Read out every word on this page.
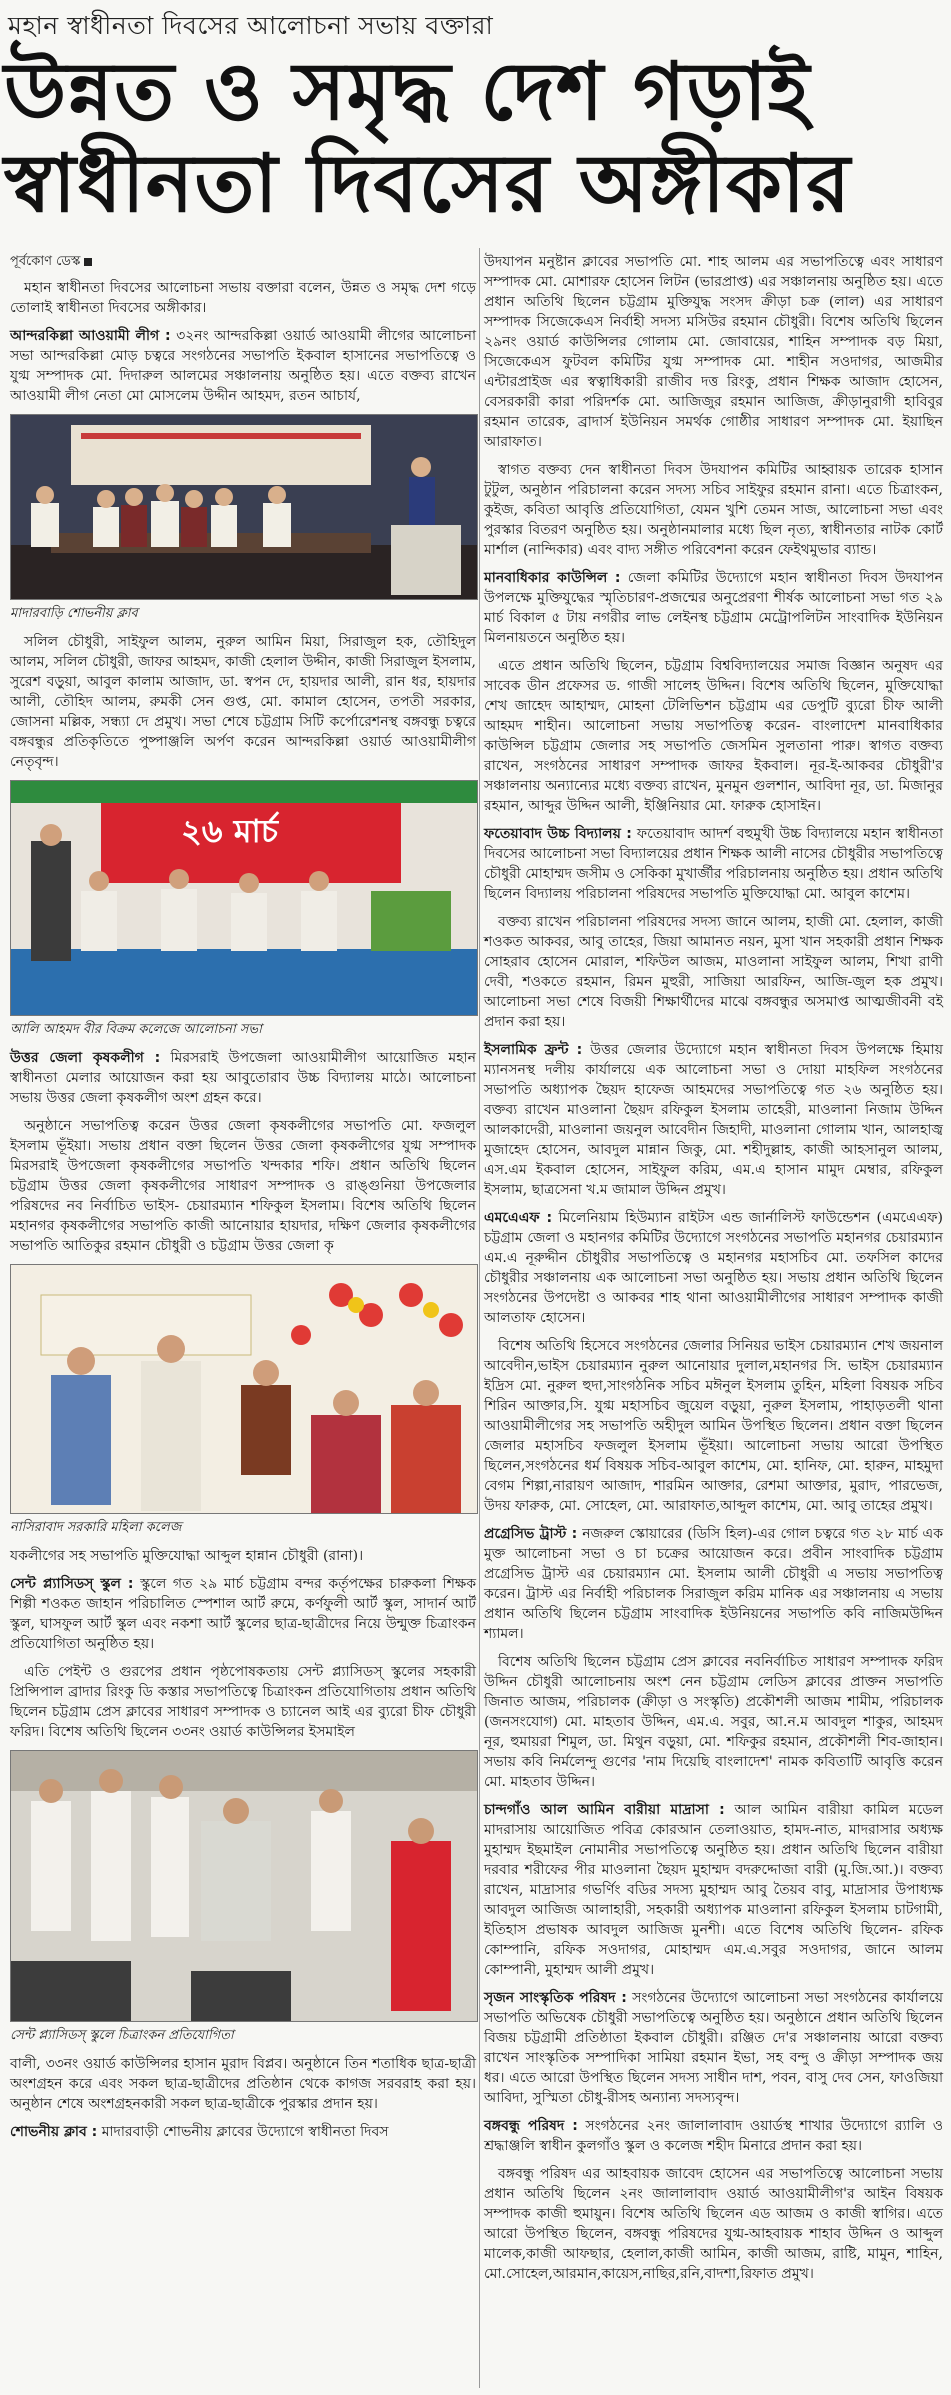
মহান স্বাধীনতা দিবসের আলোচনা সভায় বক্তারা
উন্নত ও সমৃদ্ধ দেশ গড়াই
স্বাধীনতা দিবসের অঙ্গীকার
পূর্বকোণ ডেস্ক

মহান স্বাধীনতা দিবসের আলোচনা সভায় বক্তারা বলেন, উন্নত ও সমৃদ্ধ দেশ গড়ে তোলাই স্বাধীনতা দিবসের অঙ্গীকার।

আন্দরকিল্লা আওয়ামী লীগ : ৩২নং আন্দরকিল্লা ওয়ার্ড আওয়ামী লীগের আলোচনা সভা আন্দরকিল্লা মোড় চত্বরে সংগঠনের সভাপতি ইকবাল হাসানের সভাপতিত্বে ও যুগ্ম সম্পাদক মো. দিদারুল আলমের সঞ্চালনায় অনুষ্ঠিত হয়। এতে বক্তব্য রাখেন আওয়ামী লীগ নেতা মো মোসলেম উদ্দীন আহমদ, রতন আচার্য,

মাদারবাড়ি শোভনীয় ক্লাব

সলিল চৌধুরী, সাইফুল আলম, নুরুল আমিন মিয়া, সিরাজুল হক, তৌহিদুল আলম, সলিল চৌধুরী, জাফর আহমদ, কাজী হেলাল উদ্দীন, কাজী সিরাজুল ইসলাম, সুরেশ বড়ুয়া, আবুল কালাম আজাদ, ডা. স্বপন দে, হায়দার আলী, রান ধর, হায়দার আলী, তৌহিদ আলম, রুমকী সেন গুপ্ত, মো. কামাল হোসেন, তপতী সরকার, জোসনা মল্লিক, সন্ধ্যা দে প্রমুখ। সভা শেষে চট্টগ্রাম সিটি কর্পোরেশনস্থ বঙ্গবন্ধু চত্বরে বঙ্গবন্ধুর প্রতিকৃতিতে পুষ্পাঞ্জলি অর্পণ করেন আন্দরকিল্লা ওয়ার্ড আওয়ামীলীগ নেতৃবৃন্দ।

২৬ মার্চ
আলি আহমদ বীর বিক্রম কলেজে আলোচনা সভা

উত্তর জেলা কৃষকলীগ : মিরসরাই উপজেলা আওয়ামীলীগ আয়োজিত মহান স্বাধীনতা মেলার আয়োজন করা হয় আবুতোরাব উচ্চ বিদ্যালয় মাঠে। আলোচনা সভায় উত্তর জেলা কৃষকলীগ অংশ গ্রহন করে।

অনুষ্ঠানে সভাপতিত্ব করেন উত্তর জেলা কৃষকলীগের সভাপতি মো. ফজলুল ইসলাম ভূঁইয়া। সভায় প্রধান বক্তা ছিলেন উত্তর জেলা কৃষকলীগের যুগ্ম সম্পাদক মিরসরাই উপজেলা কৃষকলীগের সভাপতি খন্দকার শফি। প্রধান অতিথি ছিলেন চট্টগ্রাম উত্তর জেলা কৃষকলীগের সাধারণ সম্পাদক ও রাঙ্গুনিয়া উপজেলার পরিষদের নব নির্বাচিত ভাইস- চেয়ারম্যান শফিকুল ইসলাম। বিশেষ অতিথি ছিলেন মহানগর কৃষকলীগের সভাপতি কাজী আনোয়ার হায়দার, দক্ষিণ জেলার কৃষকলীগের সভাপতি আতিকুর রহমান চৌধুরী ও চট্টগ্রাম উত্তর জেলা কৃ

নাসিরাবাদ সরকারি মহিলা কলেজ

যকলীগের সহ সভাপতি মুক্তিযোদ্ধা আব্দুল হান্নান চৌধুরী (রানা)।

সেন্ট প্ল্যাসিডস্ স্কুল : স্কুলে গত ২৯ মার্চ চট্টগ্রাম বন্দর কর্তৃপক্ষের চারুকলা শিক্ষক শিল্পী শওকত জাহান পরিচালিত স্পেশাল আর্ট রুমে, কর্ণফুলী আর্ট স্কুল, সাদার্ন আর্ট স্কুল, ঘাসফুল আর্ট স্কুল এবং নকশা আর্ট স্কুলের ছাত্র-ছাত্রীদের নিয়ে উন্মুক্ত চিত্রাংকন প্রতিযোগিতা অনুষ্ঠিত হয়।

এতি পেইন্ট ও গুরপের প্রধান পৃষ্ঠপোষকতায় সেন্ট প্ল্যাসিডস্ স্কুলের সহকারী প্রিন্সিপাল ব্রাদার রিংকু ডি কস্তার সভাপতিত্বে চিত্রাংকন প্রতিযোগিতায় প্রধান অতিথি ছিলেন চট্টগ্রাম প্রেস ক্লাবের সাধারণ সম্পাদক ও চ্যানেল আই এর ব্যুরো চীফ চৌধুরী ফরিদ। বিশেষ অতিথি ছিলেন ৩৩নং ওয়ার্ড কাউন্সিলর ইসমাইল

সেন্ট প্ল্যাসিডস্ স্কুলে চিত্রাংকন প্রতিযোগিতা

বালী, ৩৩নং ওয়ার্ড কাউন্সিলর হাসান মুরাদ বিপ্লব। অনুষ্ঠানে তিন শতাধিক ছাত্র-ছাত্রী অংশগ্রহন করে এবং সকল ছাত্র-ছাত্রীদের প্রতিষ্ঠান থেকে কাগজ সরবরাহ করা হয়। অনুষ্ঠান শেষে অংশগ্রহনকারী সকল ছাত্র-ছাত্রীকে পুরস্কার প্রদান হয়।

শোভনীয় ক্লাব : মাদারবাড়ী শোভনীয় ক্লাবের উদ্যোগে স্বাধীনতা দিবস

উদযাপন মনুষ্টান ক্লাবের সভাপতি মো. শাহ আলম এর সভাপতিত্বে এবং সাধারণ সম্পাদক মো. মোশারফ হোসেন লিটন (ভারপ্রাপ্ত) এর সঞ্চালনায় অনুষ্ঠিত হয়। এতে প্রধান অতিথি ছিলেন চট্টগ্রাম মুক্তিযুদ্ধ সংসদ ক্রীড়া চক্র (লাল) এর সাধারণ সম্পাদক সিজেকেএস নির্বাহী সদস্য মসিউর রহমান চৌধুরী। বিশেষ অতিথি ছিলেন ২৯নং ওয়ার্ড কাউন্সিলর গোলাম মো. জোবায়ের, শাহিন সম্পাদক বড় মিয়া, সিজেকেএস ফুটবল কমিটির যুগ্ম সম্পাদক মো. শাহীন সওদাগর, আজমীর এন্টারপ্রাইজ এর স্বত্বাধিকারী রাজীব দত্ত রিংকু, প্রধান শিক্ষক আজাদ হোসেন, বেসরকারী কারা পরিদর্শক মো. আজিজুর রহমান আজিজ, ক্রীড়ানুরাগী হাবিবুর রহমান তারেক, ব্রাদার্স ইউনিয়ন সমর্থক গোষ্ঠীর সাধারণ সম্পাদক মো. ইয়াছিন আরাফাত।

স্বাগত বক্তব্য দেন স্বাধীনতা দিবস উদযাপন কমিটির আহ্বায়ক তারেক হাসান টুটুল, অনুষ্ঠান পরিচালনা করেন সদস্য সচিব সাইফুর রহমান রানা। এতে চিত্রাংকন, কুইজ, কবিতা আবৃত্তি প্রতিযোগিতা, যেমন খুশি তেমন সাজ, আলোচনা সভা এবং পুরস্কার বিতরণ অনুষ্ঠিত হয়। অনুষ্ঠানমালার মধ্যে ছিল নৃত্য, স্বাধীনতার নাটক কোর্ট মার্শাল (নান্দিকার) এবং বাদ্য সঙ্গীত পরিবেশনা করেন ফেইথমুভার ব্যান্ড।

মানবাধিকার কাউন্সিল : জেলা কমিটির উদ্যোগে মহান স্বাধীনতা দিবস উদযাপন উপলক্ষে মুক্তিযুদ্ধের স্মৃতিচারণ-প্রজন্মের অনুপ্রেরণা শীর্ষক আলোচনা সভা গত ২৯ মার্চ বিকাল ৫ টায় নগরীর লাভ লেইনস্থ চট্টগ্রাম মেট্রোপলিটন সাংবাদিক ইউনিয়ন মিলনায়তনে অনুষ্ঠিত হয়।

এতে প্রধান অতিথি ছিলেন, চট্টগ্রাম বিশ্ববিদ্যালয়ের সমাজ বিজ্ঞান অনুষদ এর সাবেক ডীন প্রফেসর ড. গাজী সালেহ উদ্দিন। বিশেষ অতিথি ছিলেন, মুক্তিযোদ্ধা শেখ জাহেদ আহাম্মদ, মোহনা টেলিভিশন চট্টগ্রাম এর ডেপুটি ব্যুরো চীফ আলী আহমদ শাহীন। আলোচনা সভায় সভাপতিত্ব করেন- বাংলাদেশ মানবাধিকার কাউন্সিল চট্টগ্রাম জেলার সহ সভাপতি জেসমিন সুলতানা পারু। স্বাগত বক্তব্য রাখেন, সংগঠনের সাধারণ সম্পাদক জাফর ইকবাল। নূর-ই-আকবর চৌধুরী'র সঞ্চালনায় অন্যান্যের মধ্যে বক্তব্য রাখেন, মুনমুন গুলশান, আবিদা নূর, ডা. মিজানুর রহমান, আব্দুর উদ্দিন আলী, ইঞ্জিনিয়ার মো. ফারুক হোসাইন।

ফতেয়াবাদ উচ্চ বিদ্যালয় : ফতেয়াবাদ আদর্শ বহুমুখী উচ্চ বিদ্যালয়ে মহান স্বাধীনতা দিবসের আলোচনা সভা বিদ্যালয়ের প্রধান শিক্ষক আলী নাসের চৌধুরীর সভাপতিত্বে চৌধুরী মোহাম্মদ জসীম ও সেকিকা মুখার্জীর পরিচালনায় অনুষ্ঠিত হয়। প্রধান অতিথি ছিলেন বিদ্যালয় পরিচালনা পরিষদের সভাপতি মুক্তিযোদ্ধা মো. আবুল কাশেম।

বক্তব্য রাখেন পরিচালনা পরিষদের সদস্য জানে আলম, হাজী মো. হেলাল, কাজী শওকত আকবর, আবু তাহের, জিয়া আমানত নয়ন, মুসা খান সহকারী প্রধান শিক্ষক সোহরাব হোসেন মোরাল, শফিউল আজম, মাওলানা সাইফুল আলম, শিখা রাণী দেবী, শওকতে রহমান, রিমন মুহুরী, সাজিয়া আরফিন, আজি-জুল হক প্রমুখ। আলোচনা সভা শেষে বিজয়ী শিক্ষার্থীদের মাঝে বঙ্গবন্ধুর অসমাপ্ত আত্মজীবনী বই প্রদান করা হয়।

ইসলামিক ফ্রন্ট : উত্তর জেলার উদ্যোগে মহান স্বাধীনতা দিবস উপলক্ষে হিমায় ম্যানসনস্থ দলীয় কার্যালয়ে এক আলোচনা সভা ও দোয়া মাহফিল সংগঠনের সভাপতি অধ্যাপক ছৈয়দ হাফেজ আহমদের সভাপতিত্বে গত ২৬ অনুষ্ঠিত হয়। বক্তব্য রাখেন মাওলানা ছৈয়দ রফিকুল ইসলাম তাহেরী, মাওলানা নিজাম উদ্দিন আলকাদেরী, মাওলানা জয়নুল আবেদীন জিহাদী, মাওলানা গোলাম খান, আলহাজ্ব মুজাহেদ হোসেন, আবদুল মান্নান জিকু, মো. শহীদুল্লাহ, কাজী আহসানুল আলম, এস.এম ইকবাল হোসেন, সাইফুল করিম, এম.এ হাসান মামুদ মেম্বার, রফিকুল ইসলাম, ছাত্রসেনা খ.ম জামাল উদ্দিন প্রমুখ।

এমএেএফ : মিলেনিয়াম হিউম্যান রাইটস এন্ড জার্নালিস্ট ফাউন্ডেশন (এমএেএফ) চট্টগ্রাম জেলা ও মহানগর কমিটির উদ্যোগে সংগঠনের সভাপতি মহানগর চেয়ারম্যান এম.এ নূরুদ্দীন চৌধুরীর সভাপতিত্বে ও মহানগর মহাসচিব মো. তফসিল কাদের চৌধুরীর সঞ্চালনায় এক আলোচনা সভা অনুষ্ঠিত হয়। সভায় প্রধান অতিথি ছিলেন সংগঠনের উপদেষ্টা ও আকবর শাহ থানা আওয়ামীলীগের সাধারণ সম্পাদক কাজী আলতাফ হোসেন।

বিশেষ অতিথি হিসেবে সংগঠনের জেলার সিনিয়র ভাইস চেয়ারম্যান শেখ জয়নাল আবেদীন,ভাইস চেয়ারম্যান নুরুল আনোয়ার দুলাল,মহানগর সি. ভাইস চেয়ারম্যান ইদ্রিস মো. নুরুল হুদা,সাংগঠনিক সচিব মঈনুল ইসলাম তুহিন, মহিলা বিষয়ক সচিব শিরিন আক্তার,সি. যুগ্ম মহাসচিব জুয়েল বড়ুয়া, নুরুল ইসলাম, পাহাড়তলী থানা আওয়ামীলীগের সহ সভাপতি অহীদুল আমিন উপস্থিত ছিলেন। প্রধান বক্তা ছিলেন জেলার মহাসচিব ফজলুল ইসলাম ভূঁইয়া। আলোচনা সভায় আরো উপস্থিত ছিলেন,সংগঠনের ধর্ম বিষয়ক সচিব-আবুল কাশেম, মো. হানিফ, মো. হারুন, মাহমুদা বেগম শিল্পা,নারায়ণ আজাদ, শারমিন আক্তার, রেশমা আক্তার, মুরাদ, পারভেজ, উদয় ফারুক, মো. সোহেল, মো. আরাফাত,আব্দুল কাশেম, মো. আবু তাহের প্রমুখ।

প্রগ্রেসিভ ট্রাস্ট : নজরুল স্কোয়ারের (ডিসি হিল)-এর গোল চত্বরে গত ২৮ মার্চ এক মুক্ত আলোচনা সভা ও চা চক্রের আয়োজন করে। প্রবীন সাংবাদিক চট্টগ্রাম প্রগ্রেসিভ ট্রাস্ট এর চেয়ারম্যান মো. ইসলাম আলী চৌধুরী এ সভায় সভাপতিত্ব করেন। ট্রাস্ট এর নির্বাহী পরিচালক সিরাজুল করিম মানিক এর সঞ্চালনায় এ সভায় প্রধান অতিথি ছিলেন চট্টগ্রাম সাংবাদিক ইউনিয়নের সভাপতি কবি নাজিমউদ্দিন শ্যামল।

বিশেষ অতিথি ছিলেন চট্টগ্রাম প্রেস ক্লাবের নবনির্বাচিত সাধারণ সম্পাদক ফরিদ উদ্দিন চৌধুরী আলোচনায় অংশ নেন চট্টগ্রাম লেডিস ক্লাবের প্রাক্তন সভাপতি জিনাত আজম, পরিচালক (ক্রীড়া ও সংস্কৃতি) প্রকৌশলী আজম শামীম, পরিচালক (জনসংযোগ) মো. মাহতাব উদ্দিন, এম.এ. সবুর, আ.ন.ম আবদুল শাকুর, আহমদ নূর, হুমায়রা শিমুল, ডা. মিথুন বড়ুয়া, মো. শফিকুর রহমান, প্রকৌশলী শিব-জাহান। সভায় কবি নির্মলেন্দু গুণের 'নাম দিয়েছি বাংলাদেশ' নামক কবিতাটি আবৃত্তি করেন মো. মাহতাব উদ্দিন।

চান্দগাঁও আল আমিন বারীয়া মাদ্রাসা : আল আমিন বারীয়া কামিল মডেল মাদরাসায় আয়োজিত পবিত্র কোরআন তেলাওয়াত, হামদ-নাত, মাদরাসার অধ্যক্ষ মুহাম্মদ ইছমাইল নোমানীর সভাপতিত্বে অনুষ্ঠিত হয়। প্রধান অতিথি ছিলেন বারীয়া দরবার শরীফের পীর মাওলানা ছৈয়দ মুহাম্মদ বদরুদ্দোজা বারী (মু.জি.আ.)। বক্তব্য রাখেন, মাদ্রাসার গভর্ণিং বডির সদস্য মুহাম্মদ আবু তৈয়ব বাবু, মাদ্রাসার উপাধ্যক্ষ আবদুল আজিজ আলাহারী, সহকারী অধ্যাপক মাওলানা রফিকুল ইসলাম চাটগামী, ইতিহাস প্রভাষক আবদুল আজিজ মুনশী। এতে বিশেষ অতিথি ছিলেন- রফিক কোম্পানি, রফিক সওদাগর, মোহাম্মদ এম.এ.সবুর সওদাগর, জানে আলম কোম্পানী, মুহাম্মদ আলী প্রমুখ।

সৃজন সাংস্কৃতিক পরিষদ : সংগঠনের উদ্যোগে আলোচনা সভা সংগঠনের কার্যালয়ে সভাপতি অভিষেক চৌধুরী সভাপতিত্বে অনুষ্ঠিত হয়। অনুষ্ঠানে প্রধান অতিথি ছিলেন বিজয় চট্টগ্রামী প্রতিষ্ঠাতা ইকবাল চৌধুরী। রঞ্জিত দে'র সঞ্চালনায় আরো বক্তব্য রাখেন সাংস্কৃতিক সম্পাদিকা সামিয়া রহমান ইভা, সহ বন্দু ও ক্রীড়া সম্পাদক জয় ধর। এতে আরো উপস্থিত ছিলেন সদস্য সাধীন দাশ, পবন, বাসু দেব সেন, ফাওজিয়া আবিদা, সুস্মিতা চৌধু-রীসহ অন্যান্য সদস্যবৃন্দ।

বঙ্গবন্ধু পরিষদ : সংগঠনের ২নং জালালাবাদ ওয়ার্ডস্থ শাখার উদ্যোগে র‌্যালি ও শ্রদ্ধাঞ্জলি স্বাধীন কুলগাঁও স্কুল ও কলেজ শহীদ মিনারে প্রদান করা হয়।

বঙ্গবন্ধু পরিষদ এর আহবায়ক জাবেদ হোসেন এর সভাপতিত্বে আলোচনা সভায় প্রধান অতিথি ছিলেন ২নং জালালাবাদ ওয়ার্ড আওয়ামীলীগ'র আইন বিষয়ক সম্পাদক কাজী হুমায়ুন। বিশেষ অতিথি ছিলেন এড আজম ও কাজী স্বাগির। এতে আরো উপস্থিত ছিলেন, বঙ্গবন্ধু পরিষদের যুগ্ম-আহবায়ক শাহাব উদ্দিন ও আব্দুল মালেক,কাজী আফছার, হেলাল,কাজী আমিন, কাজী আজম, রাষ্টি, মামুন, শাহিন, মো.সোহেল,আরমান,কায়েস,নাছির,রনি,বাদশা,রিফাত প্রমুখ।
